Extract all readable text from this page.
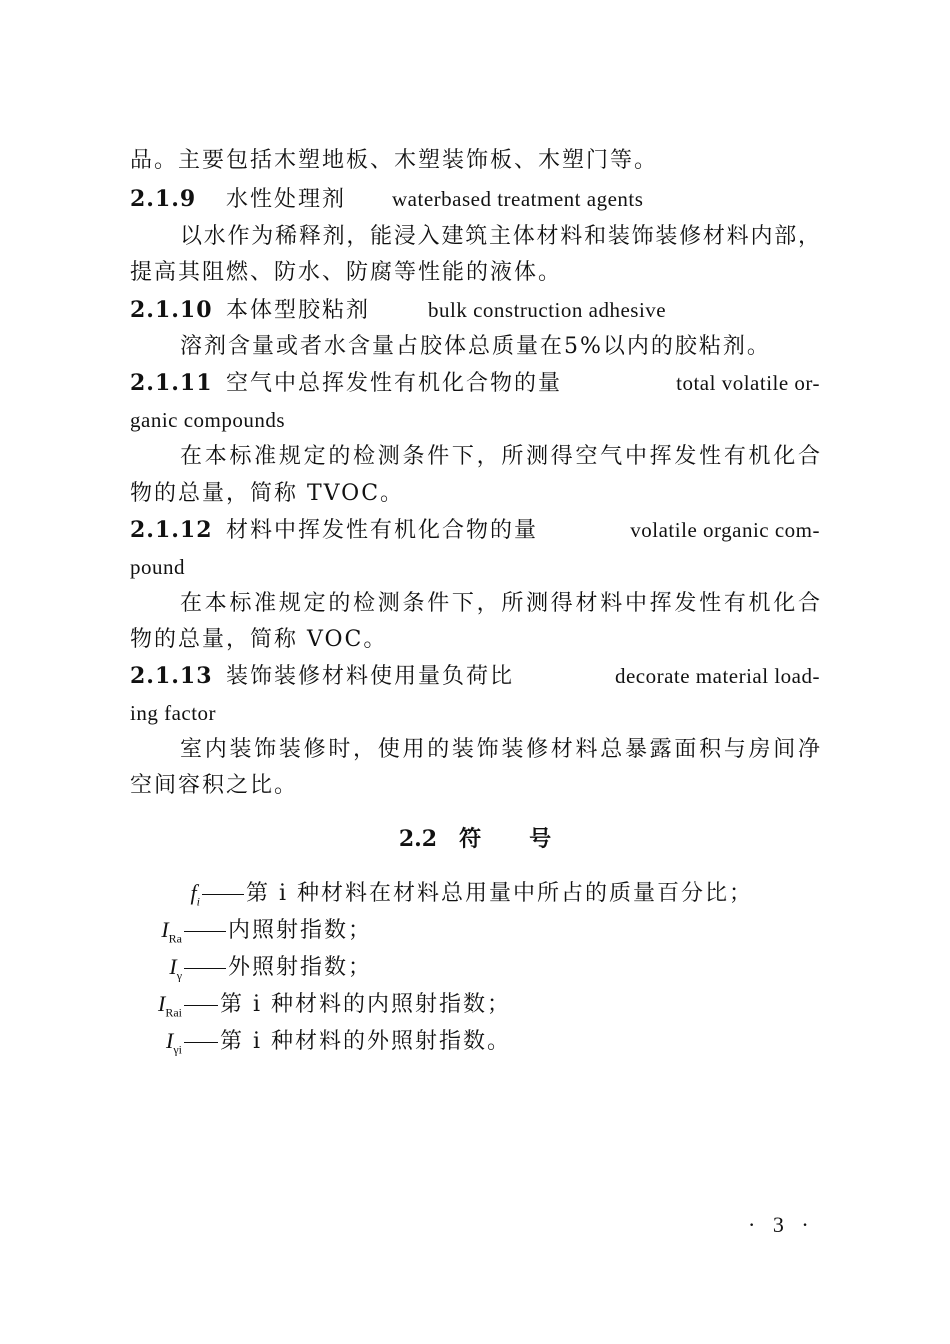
品。主要包括木塑地板、木塑装饰板、木塑门等。
2.1.9 水性处理剂 waterbased treatment agents
以水作为稀释剂，能浸入建筑主体材料和装饰装修材料内部，
提高其阻燃、防水、防腐等性能的液体。
2.1.10 本体型胶粘剂	bulk construction adhesive
溶剂含量或者水含量占胶体总质量在5%以内的胶粘剂。
2.1.11 空气中总挥发性有机化合物的量	total volatile or-
ganic compounds
在本标准规定的检测条件下，所测得空气中挥发性有机化合
物的总量，简称 TVOC。
2.1.12 材料中挥发性有机化合物的量	volatile organic com-
pound
在本标准规定的检测条件下，所测得材料中挥发性有机化合
物的总量，简称 VOC。
2.1.13 装饰装修材料使用量负荷比	decorate material load-
ing factor
室内装饰装修时，使用的装饰装修材料总暴露面积与房间净
空间容积之比。
2.2 符 号
$f_i$ 第 i 种材料在材料总用量中所占的质量百分比；
$I_{Ra}$ 内照射指数；
$I_\gamma$ 外照射指数；
$I_{Rai}$ 第 i 种材料的内照射指数；
$I_{\gamma i}$ 第 i 种材料的外照射指数。
· 3 ·
